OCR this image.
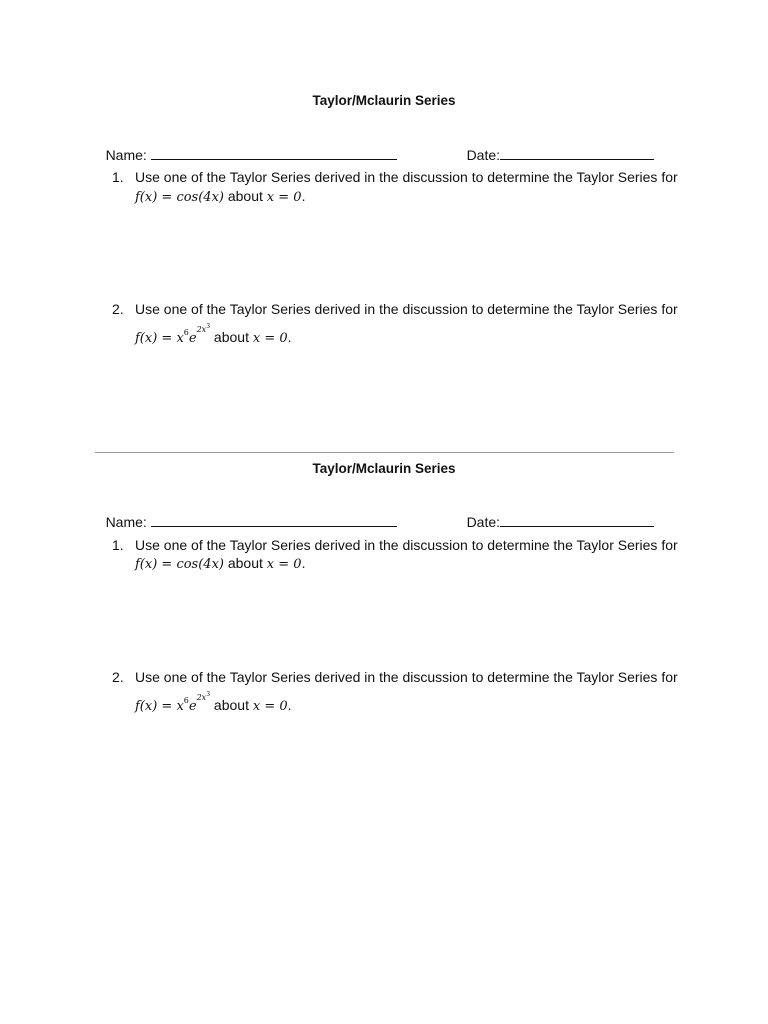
Taylor/Mclaurin Series

Name:
	Date:

1. Use one of the Taylor Series derived in the discussion to determine the Taylor Series for
f(x) = cos(4x) about x = 0.
2. Use one of the Taylor Series derived in the discussion to determine the Taylor Series for
$f(x) = x^6e^{2x3}$ about x = 0.
Taylor/Mclaurin Series

Name:
	Date:

1. Use one of the Taylor Series derived in the discussion to determine the Taylor Series for
f(x) = cos(4x) about x = 0.
2. Use one of the Taylor Series derived in the discussion to determine the Taylor Series for
$f(x) = x^6e^{2x3}$ about x = 0.
